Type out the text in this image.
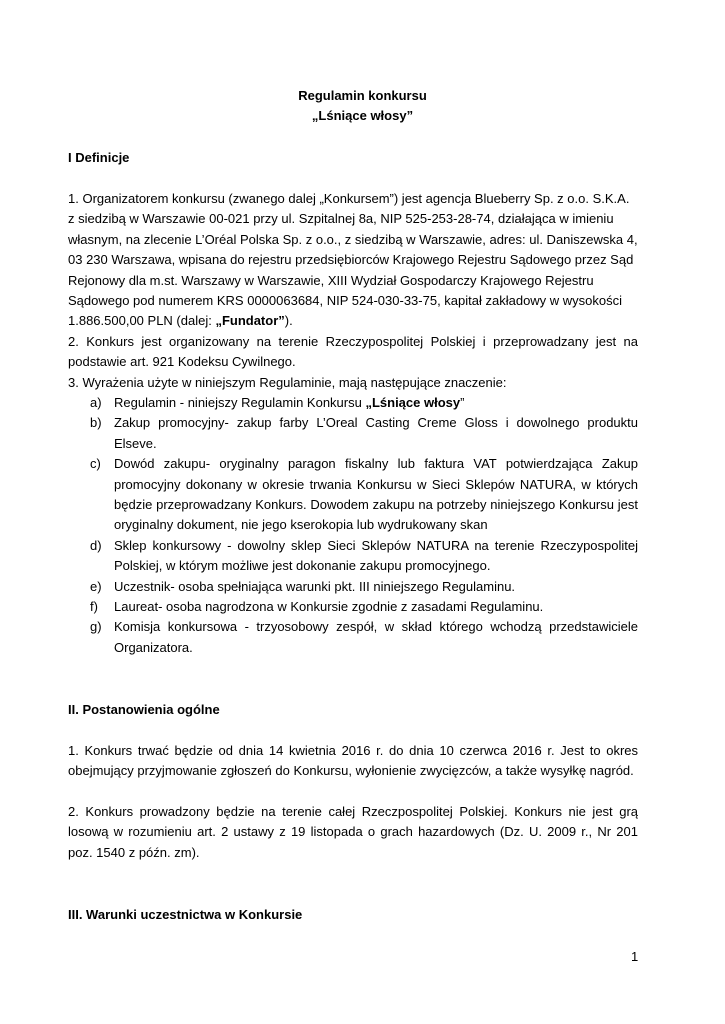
Regulamin konkursu
„Lśniące włosy”
I Definicje
1. Organizatorem konkursu (zwanego dalej „Konkursem”) jest agencja Blueberry Sp. z o.o. S.K.A. z siedzibą w Warszawie 00-021 przy ul. Szpitalnej 8a, NIP 525-253-28-74, działająca w imieniu własnym, na zlecenie L’Oréal Polska Sp. z o.o., z siedzibą w Warszawie, adres: ul. Daniszewska 4, 03 230 Warszawa, wpisana do rejestru przedsiębiorców Krajowego Rejestru Sądowego przez Sąd Rejonowy dla m.st. Warszawy w Warszawie, XIII Wydział Gospodarczy Krajowego Rejestru Sądowego pod numerem KRS 0000063684, NIP 524-030-33-75, kapitał zakładowy w wysokości 1.886.500,00 PLN (dalej: „Fundator”).
2. Konkurs jest organizowany na terenie Rzeczypospolitej Polskiej i przeprowadzany jest na podstawie art. 921 Kodeksu Cywilnego.
3. Wyrażenia użyte w niniejszym Regulaminie, mają następujące znaczenie:
a) Regulamin - niniejszy Regulamin Konkursu „Lśniące włosy”
b) Zakup promocyjny- zakup farby L’Oreal Casting Creme Gloss i dowolnego produktu Elseve.
c) Dowód zakupu- oryginalny paragon fiskalny lub faktura VAT potwierdzająca Zakup promocyjny dokonany w okresie trwania Konkursu w Sieci Sklepów NATURA, w których będzie przeprowadzany Konkurs. Dowodem zakupu na potrzeby niniejszego Konkursu jest oryginalny dokument, nie jego kserokopia lub wydrukowany skan
d) Sklep konkursowy - dowolny sklep Sieci Sklepów NATURA na terenie Rzeczypospolitej Polskiej, w którym możliwe jest dokonanie zakupu promocyjnego.
e) Uczestnik- osoba spełniająca warunki pkt. III niniejszego Regulaminu.
f) Laureat- osoba nagrodzona w Konkursie zgodnie z zasadami Regulaminu.
g) Komisja konkursowa - trzyosobowy zespół, w skład którego wchodzą przedstawiciele Organizatora.
II. Postanowienia ogólne
1. Konkurs trwać będzie od dnia 14 kwietnia 2016 r. do dnia 10 czerwca 2016 r. Jest to okres obejmujący przyjmowanie zgłoszeń do Konkursu, wyłonienie zwycięzców, a także wysyłkę nagród.
2. Konkurs prowadzony będzie na terenie całej Rzeczpospolitej Polskiej. Konkurs nie jest grą losową w rozumieniu art. 2 ustawy z 19 listopada o grach hazardowych (Dz. U. 2009 r., Nr 201 poz. 1540 z późn. zm).
III. Warunki uczestnictwa w Konkursie
1
